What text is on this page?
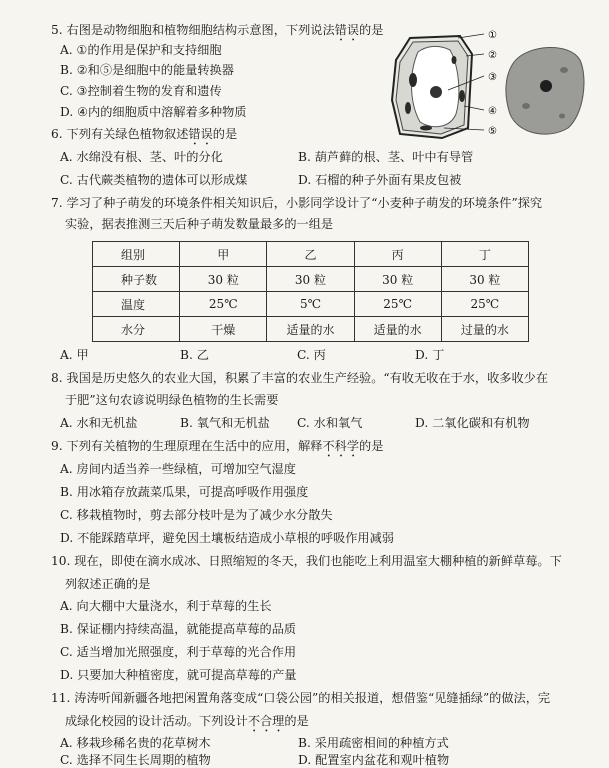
5. 右图是动物细胞和植物细胞结构示意图，下列说法错误的是
A. ①的作用是保护和支持细胞
B. ②和⑤是细胞中的能量转换器
C. ③控制着生物的发育和遗传
D. ④内的细胞质中溶解着多种物质
①
②
③
④
⑤
6. 下列有关绿色植物叙述错误的是
A. 水绵没有根、茎、叶的分化	B. 葫芦藓的根、茎、叶中有导管
C. 古代蕨类植物的遗体可以形成煤	D. 石榴的种子外面有果皮包被
7. 学习了种子萌发的环境条件相关知识后，小影同学设计了“小麦种子萌发的环境条件”探究
实验，据表推测三天后种子萌发数量最多的一组是
组别	甲	乙	丙	丁
种子数	30 粒	30 粒	30 粒	30 粒
温度	25℃	5℃	25℃	25℃
水分	干燥	适量的水	适量的水	过量的水
A. 甲	B. 乙	C. 丙	D. 丁
8. 我国是历史悠久的农业大国，积累了丰富的农业生产经验。“有收无收在于水，收多收少在
于肥”这句农谚说明绿色植物的生长需要
A. 水和无机盐	B. 氧气和无机盐 C. 水和氧气	D. 二氧化碳和有机物
9. 下列有关植物的生理原理在生活中的应用，解释不科学的是
A. 房间内适当养一些绿植，可增加空气湿度
B. 用冰箱存放蔬菜瓜果，可提高呼吸作用强度
C. 移栽植物时，剪去部分枝叶是为了减少水分散失
D. 不能踩踏草坪，避免因土壤板结造成小草根的呼吸作用减弱
10. 现在，即使在滴水成冰、日照缩短的冬天，我们也能吃上利用温室大棚种植的新鲜草莓。下
列叙述正确的是
A. 向大棚中大量浇水，利于草莓的生长
B. 保证棚内持续高温，就能提高草莓的品质
C. 适当增加光照强度，利于草莓的光合作用
D. 只要加大种植密度，就可提高草莓的产量
11. 涛涛听闻新疆各地把闲置角落变成“口袋公园”的相关报道，想借鉴“见缝插绿”的做法，完
成绿化校园的设计活动。下列设计不合理的是
A. 移栽珍稀名贵的花草树木	B. 采用疏密相间的种植方式
C. 选择不同生长周期的植物	D. 配置室内盆花和观叶植物
